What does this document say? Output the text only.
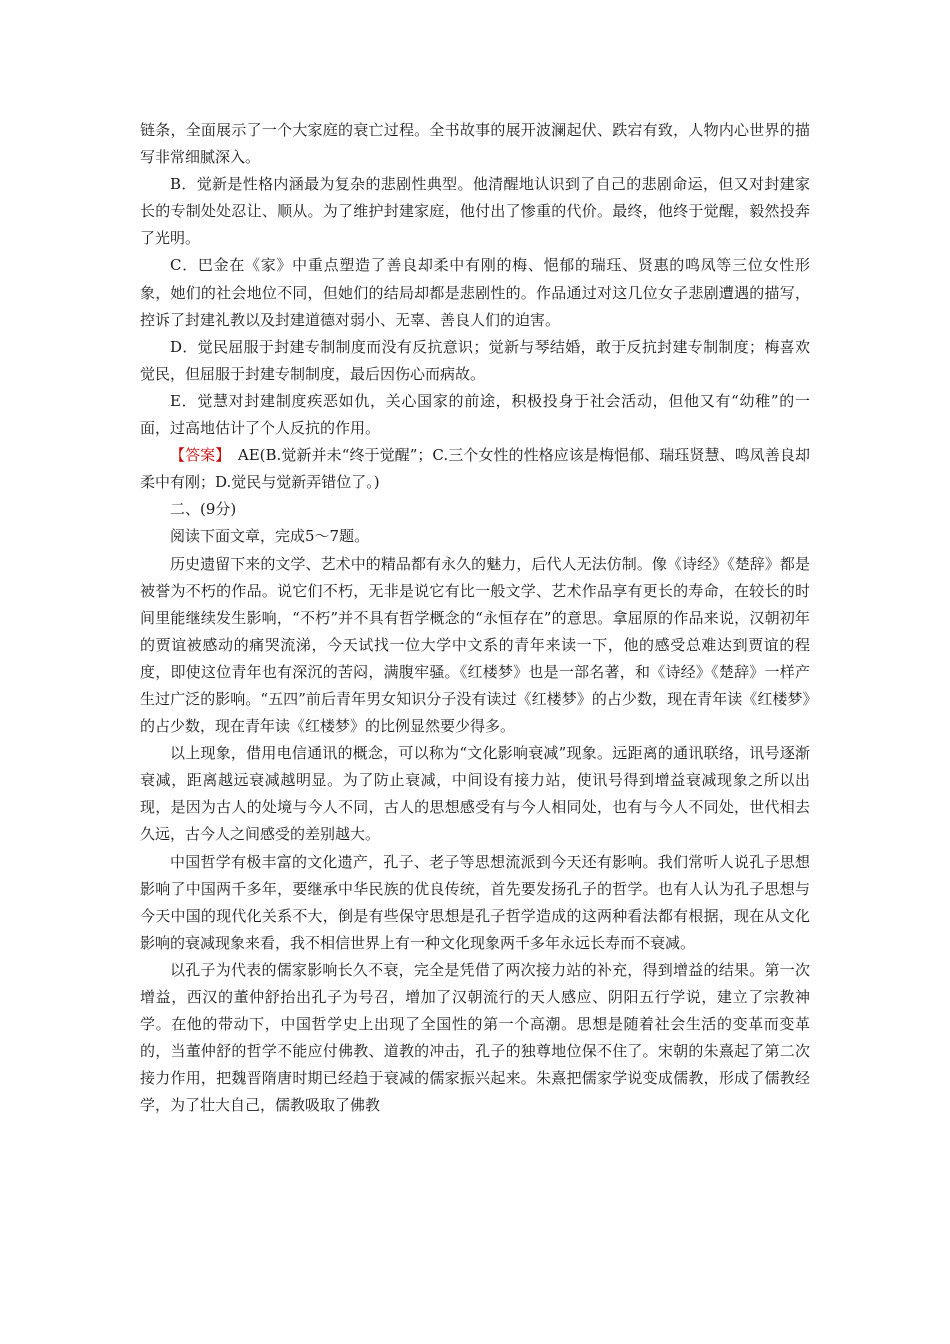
链条，全面展示了一个大家庭的衰亡过程。全书故事的展开波澜起伏、跌宕有致，人物内心世界的描写非常细腻深入。

B．觉新是性格内涵最为复杂的悲剧性典型。他清醒地认识到了自己的悲剧命运，但又对封建家长的专制处处忍让、顺从。为了维护封建家庭，他付出了惨重的代价。最终，他终于觉醒，毅然投奔了光明。

C．巴金在《家》中重点塑造了善良却柔中有刚的梅、悒郁的瑞珏、贤惠的鸣凤等三位女性形象，她们的社会地位不同，但她们的结局却都是悲剧性的。作品通过对这几位女子悲剧遭遇的描写，控诉了封建礼教以及封建道德对弱小、无辜、善良人们的迫害。

D．觉民屈服于封建专制制度而没有反抗意识；觉新与琴结婚，敢于反抗封建专制制度；梅喜欢觉民，但屈服于封建专制制度，最后因伤心而病故。

E．觉慧对封建制度疾恶如仇，关心国家的前途，积极投身于社会活动，但他又有“幼稚”的一面，过高地估计了个人反抗的作用。

【答案】　AE(B.觉新并未“终于觉醒”；C.三个女性的性格应该是梅悒郁、瑞珏贤慧、鸣凤善良却柔中有刚；D.觉民与觉新弄错位了。)

二、(9分)

阅读下面文章，完成5～7题。

历史遗留下来的文学、艺术中的精品都有永久的魅力，后代人无法仿制。像《诗经》《楚辞》都是被誉为不朽的作品。说它们不朽，无非是说它有比一般文学、艺术作品享有更长的寿命，在较长的时间里能继续发生影响，“不朽”并不具有哲学概念的“永恒存在”的意思。拿屈原的作品来说，汉朝初年的贾谊被感动的痛哭流涕，今天试找一位大学中文系的青年来读一下，他的感受总难达到贾谊的程度，即使这位青年也有深沉的苦闷，满腹牢骚。《红楼梦》也是一部名著，和《诗经》《楚辞》一样产生过广泛的影响。“五四”前后青年男女知识分子没有读过《红楼梦》的占少数，现在青年读《红楼梦》的占少数，现在青年读《红楼梦》的比例显然要少得多。

以上现象，借用电信通讯的概念，可以称为“文化影响衰减”现象。远距离的通讯联络，讯号逐渐衰减，距离越远衰减越明显。为了防止衰减，中间设有接力站，使讯号得到增益衰减现象之所以出现，是因为古人的处境与今人不同，古人的思想感受有与今人相同处，也有与今人不同处，世代相去久远，古今人之间感受的差别越大。

中国哲学有极丰富的文化遗产，孔子、老子等思想流派到今天还有影响。我们常听人说孔子思想影响了中国两千多年，要继承中华民族的优良传统，首先要发扬孔子的哲学。也有人认为孔子思想与今天中国的现代化关系不大，倒是有些保守思想是孔子哲学造成的这两种看法都有根据，现在从文化影响的衰减现象来看，我不相信世界上有一种文化现象两千多年永远长寿而不衰减。

以孔子为代表的儒家影响长久不衰，完全是凭借了两次接力站的补充，得到增益的结果。第一次增益，西汉的董仲舒抬出孔子为号召，增加了汉朝流行的天人感应、阴阳五行学说，建立了宗教神学。在他的带动下，中国哲学史上出现了全国性的第一个高潮。思想是随着社会生活的变革而变革的，当董仲舒的哲学不能应付佛教、道教的冲击，孔子的独尊地位保不住了。宋朝的朱熹起了第二次接力作用，把魏晋隋唐时期已经趋于衰减的儒家振兴起来。朱熹把儒家学说变成儒教，形成了儒教经学，为了壮大自己，儒教吸取了佛教
